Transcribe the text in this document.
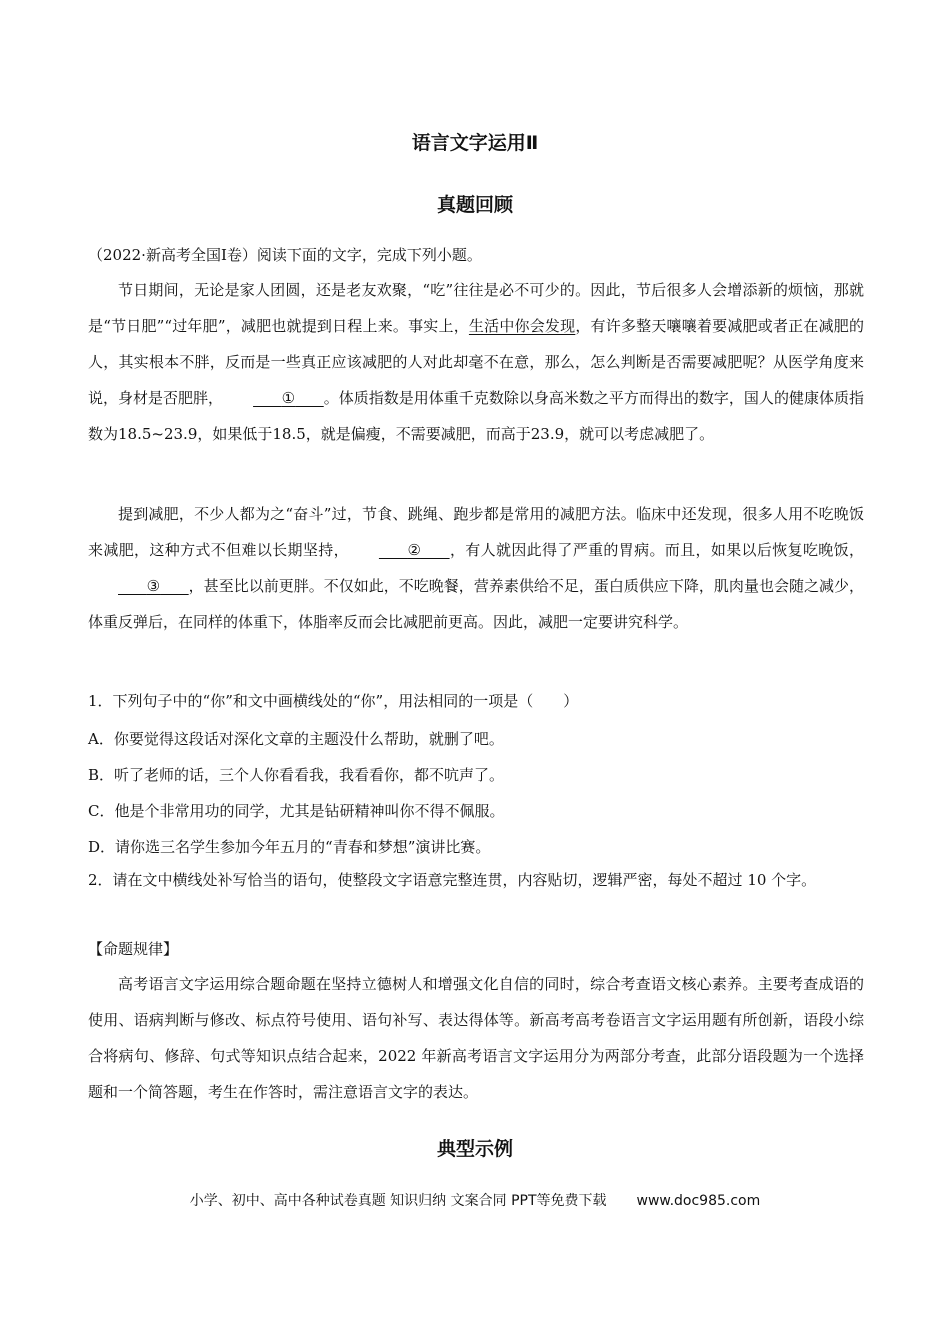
语言文字运用Ⅱ
真题回顾

（2022·新高考全国Ⅰ卷）阅读下面的文字，完成下列小题。

节日期间，无论是家人团圆，还是老友欢聚，“吃”往往是必不可少的。因此，节后很多人会增添新的烦恼，那就是“节日肥”“过年肥”，减肥也就提到日程上来。事实上，生活中你会发现，有许多整天嚷嚷着要减肥或者正在减肥的人，其实根本不胖，反而是一些真正应该减肥的人对此却毫不在意，那么，怎么判断是否需要减肥呢？从医学角度来说，身材是否肥胖，	① 。体质指数是用体重千克数除以身高米数之平方而得出的数字，国人的健康体质指数为18.5~23.9，如果低于18.5，就是偏瘦，不需要减肥，而高于23.9，就可以考虑减肥了。

提到减肥，不少人都为之“奋斗”过，节食、跳绳、跑步都是常用的减肥方法。临床中还发现，很多人用不吃晚饭来减肥，这种方式不但难以长期坚持，	② ，有人就因此得了严重的胃病。而且，如果以后恢复吃晚饭，      ③ ，甚至比以前更胖。不仅如此，不吃晚餐，营养素供给不足，蛋白质供应下降，肌肉量也会随之减少，体重反弹后，在同样的体重下，体脂率反而会比减肥前更高。因此，减肥一定要讲究科学。

1．下列句子中的“你”和文中画横线处的“你”，用法相同的一项是（　　）

A．你要觉得这段话对深化文章的主题没什么帮助，就删了吧。

B．听了老师的话，三个人你看看我，我看看你，都不吭声了。

C．他是个非常用功的同学，尤其是钻研精神叫你不得不佩服。

D．请你选三名学生参加今年五月的“青春和梦想”演讲比赛。

2．请在文中横线处补写恰当的语句，使整段文字语意完整连贯，内容贴切，逻辑严密，每处不超过 10 个字。

【命题规律】

高考语言文字运用综合题命题在坚持立德树人和增强文化自信的同时，综合考查语文核心素养。主要考查成语的使用、语病判断与修改、标点符号使用、语句补写、表达得体等。新高考高考卷语言文字运用题有所创新，语段小综合将病句、修辞、句式等知识点结合起来，2022 年新高考语言文字运用分为两部分考查，此部分语段题为一个选择题和一个简答题，考生在作答时，需注意语言文字的表达。

典型示例
小学、初中、高中各种试卷真题 知识归纳 文案合同 PPT等免费下载 www.doc985.com
